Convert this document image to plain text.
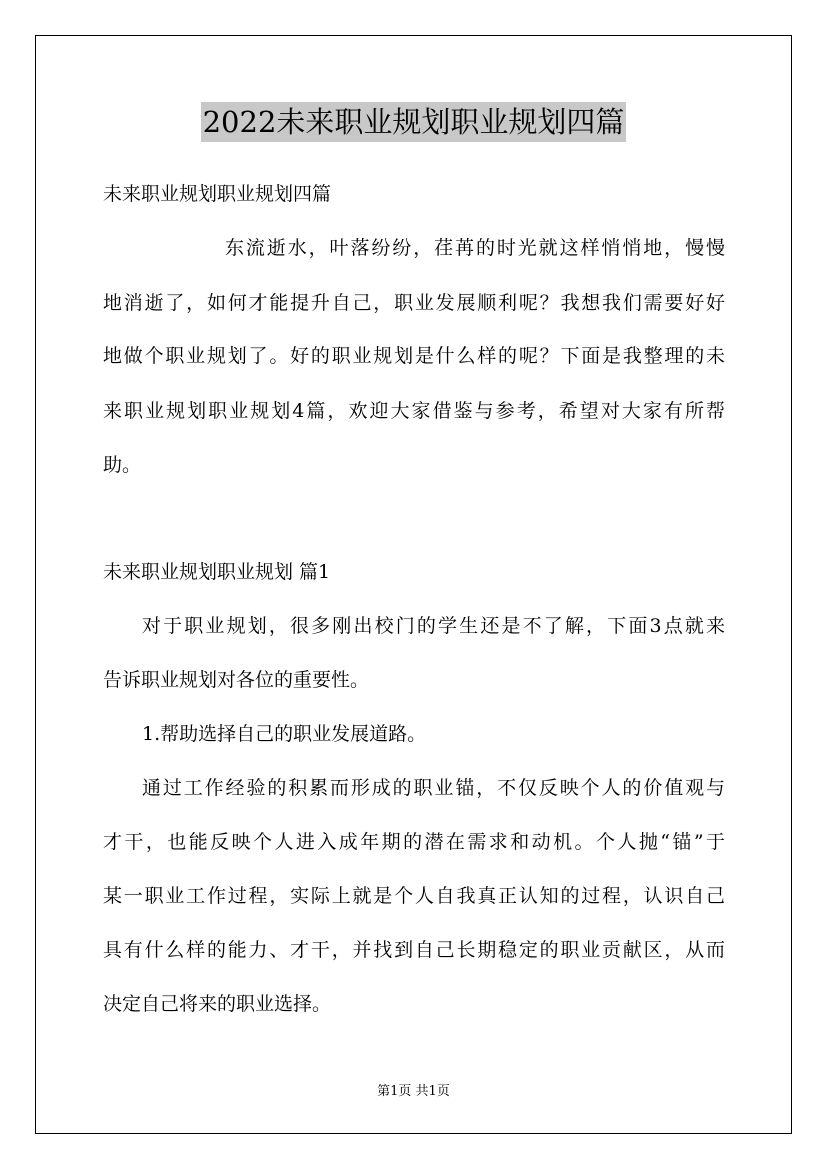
2022未来职业规划职业规划四篇
未来职业规划职业规划四篇
东流逝水，叶落纷纷，荏苒的时光就这样悄悄地，慢慢
地消逝了，如何才能提升自己，职业发展顺利呢？我想我们需要好好
地做个职业规划了。好的职业规划是什么样的呢？下面是我整理的未
来职业规划职业规划4篇，欢迎大家借鉴与参考，希望对大家有所帮
助。
未来职业规划职业规划 篇1
对于职业规划，很多刚出校门的学生还是不了解，下面3点就来
告诉职业规划对各位的重要性。
1.帮助选择自己的职业发展道路。
通过工作经验的积累而形成的职业锚，不仅反映个人的价值观与
才干，也能反映个人进入成年期的潜在需求和动机。个人抛“锚”于
某一职业工作过程，实际上就是个人自我真正认知的过程，认识自己
具有什么样的能力、才干，并找到自己长期稳定的职业贡献区，从而
决定自己将来的职业选择。
第1页 共1页
